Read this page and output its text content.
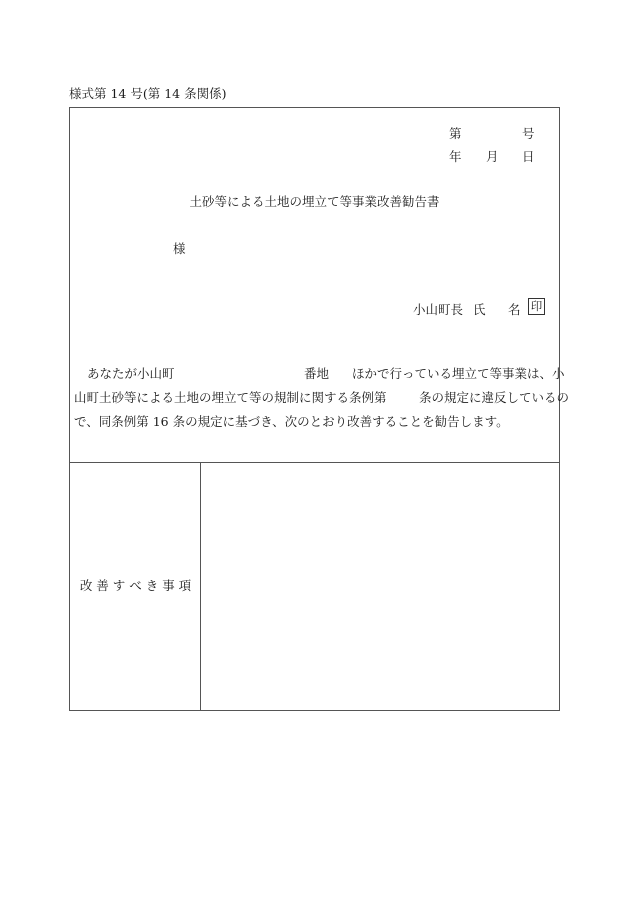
様式第 14 号(第 14 条関係)
第	号
年 月 日
土砂等による土地の埋立て等事業改善勧告書
様
小山町長 氏 名 印
あなたが小山町	番地 ほかで行っている埋立て等事業は、小
山町土砂等による土地の埋立て等の規制に関する条例第	条の規定に違反しているの
で、同条例第 16 条の規定に基づき、次のとおり改善することを勧告します。
改 善 す べ き 事 項
